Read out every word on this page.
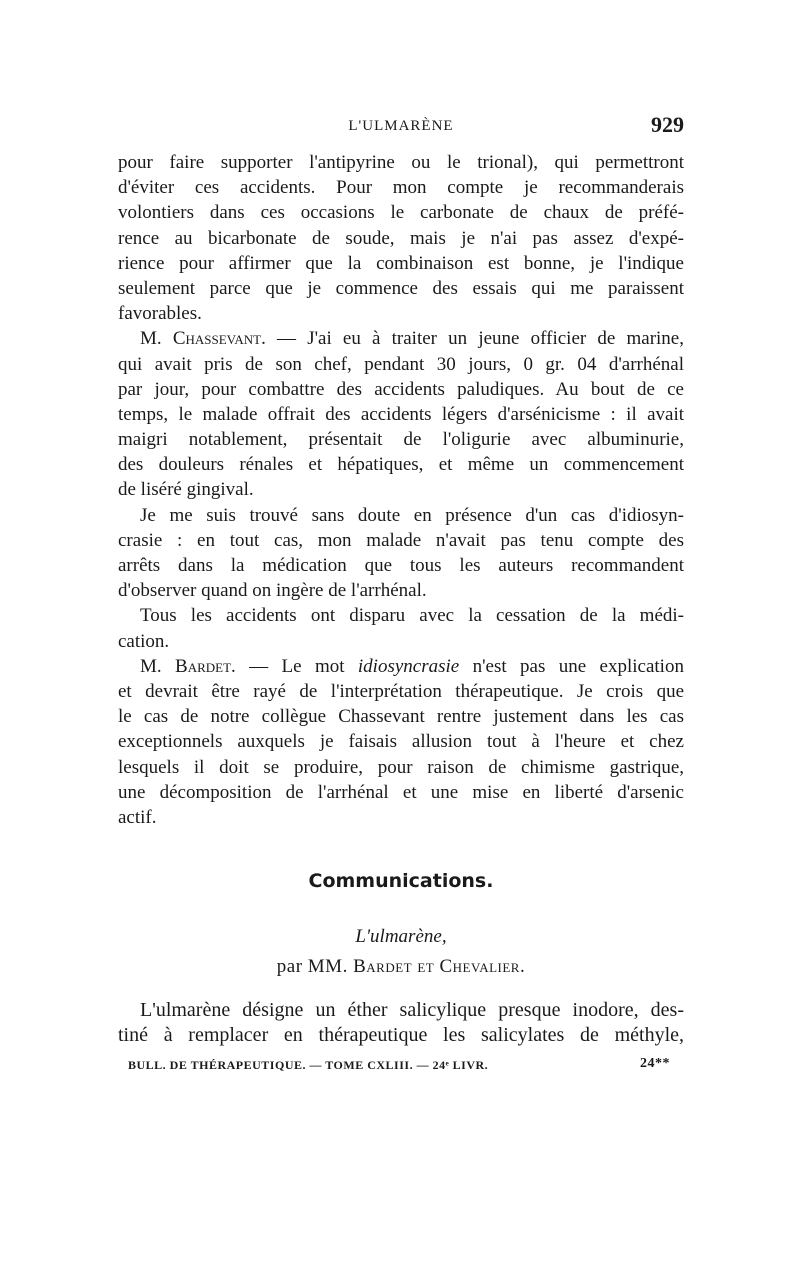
L'ULMARÈNE	929
pour faire supporter l'antipyrine ou le trional), qui permettront
d'éviter ces accidents. Pour mon compte je recommanderais
volontiers dans ces occasions le carbonate de chaux de préfé-
rence au bicarbonate de soude, mais je n'ai pas assez d'expé-
rience pour affirmer que la combinaison est bonne, je l'indique
seulement parce que je commence des essais qui me paraissent
favorables.
M. Chassevant. — J'ai eu à traiter un jeune officier de marine,
qui avait pris de son chef, pendant 30 jours, 0 gr. 04 d'arrhénal
par jour, pour combattre des accidents paludiques. Au bout de ce
temps, le malade offrait des accidents légers d'arsénicisme : il avait
maigri notablement, présentait de l'oligurie avec albuminurie,
des douleurs rénales et hépatiques, et même un commencement
de liséré gingival.
Je me suis trouvé sans doute en présence d'un cas d'idiosyn-
crasie : en tout cas, mon malade n'avait pas tenu compte des
arrêts dans la médication que tous les auteurs recommandent
d'observer quand on ingère de l'arrhénal.
Tous les accidents ont disparu avec la cessation de la médi-
cation.
M. Bardet. — Le mot idiosyncrasie n'est pas une explication
et devrait être rayé de l'interprétation thérapeutique. Je crois que
le cas de notre collègue Chassevant rentre justement dans les cas
exceptionnels auxquels je faisais allusion tout à l'heure et chez
lesquels il doit se produire, pour raison de chimisme gastrique,
une décomposition de l'arrhénal et une mise en liberté d'arsenic
actif.
Communications.
L'ulmarène,
par MM. Bardet et Chevalier.
L'ulmarène désigne un éther salicylique presque inodore, des-
tiné à remplacer en thérapeutique les salicylates de méthyle,
BULL. DE THÉRAPEUTIQUE. — TOME CXLIII. — 24ᵉ LIVR.	24**
